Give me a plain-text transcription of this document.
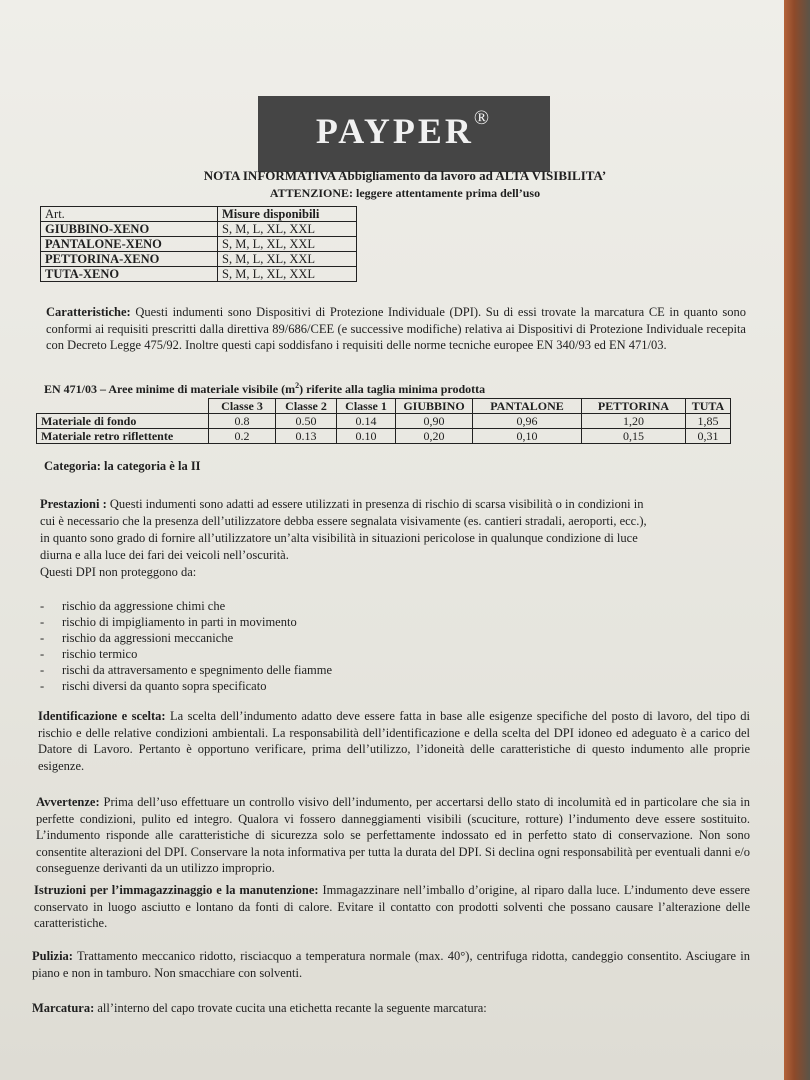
PAYPER®
NOTA INFORMATIVA Abbigliamento da lavoro ad ALTA VISIBILITA’
ATTENZIONE: leggere attentamente prima dell’uso
Art.	Misure disponibili
GIUBBINO-XENO	S, M, L, XL, XXL
PANTALONE-XENO	S, M, L, XL, XXL
PETTORINA-XENO	S, M, L, XL, XXL
TUTA-XENO	S, M, L, XL, XXL
Caratteristiche: Questi indumenti sono Dispositivi di Protezione Individuale (DPI). Su di essi trovate la marcatura CE in quanto sono conformi ai requisiti prescritti dalla direttiva 89/686/CEE (e successive modifiche) relativa ai Dispositivi di Protezione Individuale recepita con Decreto Legge 475/92. Inoltre questi capi soddisfano i requisiti delle norme tecniche europee EN 340/93 ed EN 471/03.
EN 471/03 – Aree minime di materiale visibile $(m^2)$ riferite alla taglia minima prodotta
	Classe 3	Classe 2	Classe 1	GIUBBINO	PANTALONE	PETTORINA	TUTA
Materiale di fondo	0.8	0.50	0.14	0,90	0,96	1,20	1,85
Materiale retro riflettente	0.2	0.13	0.10	0,20	0,10	0,15	0,31
Categoria: la categoria è la II
Prestazioni : Questi indumenti sono adatti ad essere utilizzati in presenza di rischio di scarsa visibilità o in condizioni in
cui è necessario che la presenza dell’utilizzatore debba essere segnalata visivamente (es. cantieri stradali, aeroporti, ecc.),
in quanto sono grado di fornire all’utilizzatore un’alta visibilità in situazioni pericolose in qualunque condizione di luce
diurna e alla luce dei fari dei veicoli nell’oscurità.
Questi DPI non proteggono da:
- rischio da aggressione chimi che
- rischio di impigliamento in parti in movimento
- rischio da aggressioni meccaniche
- rischio termico
- rischi da attraversamento e spegnimento delle fiamme
- rischi diversi da quanto sopra specificato
Identificazione e scelta: La scelta dell’indumento adatto deve essere fatta in base alle esigenze specifiche del posto di lavoro, del tipo di rischio e delle relative condizioni ambientali. La responsabilità dell’identificazione e della scelta del DPI idoneo ed adeguato è a carico del Datore di Lavoro. Pertanto è opportuno verificare, prima dell’utilizzo, l’idoneità delle caratteristiche di questo indumento alle proprie esigenze.
Avvertenze: Prima dell’uso effettuare un controllo visivo dell’indumento, per accertarsi dello stato di incolumità ed in particolare che sia in perfette condizioni, pulito ed integro. Qualora vi fossero danneggiamenti visibili (scuciture, rotture) l’indumento deve essere sostituito. L’indumento risponde alle caratteristiche di sicurezza solo se perfettamente indossato ed in perfetto stato di conservazione. Non sono consentite alterazioni del DPI. Conservare la nota informativa per tutta la durata del DPI. Si declina ogni responsabilità per eventuali danni e/o conseguenze derivanti da un utilizzo improprio.
Istruzioni per l’immagazzinaggio e la manutenzione: Immagazzinare nell’imballo d’origine, al riparo dalla luce. L’indumento deve essere conservato in luogo asciutto e lontano da fonti di calore. Evitare il contatto con prodotti solventi che possano causare l’alterazione delle caratteristiche.
Pulizia: Trattamento meccanico ridotto, risciacquo a temperatura normale (max. 40°), centrifuga ridotta, candeggio consentito. Asciugare in piano e non in tamburo. Non smacchiare con solventi.
Marcatura: all’interno del capo trovate cucita una etichetta recante la seguente marcatura:
